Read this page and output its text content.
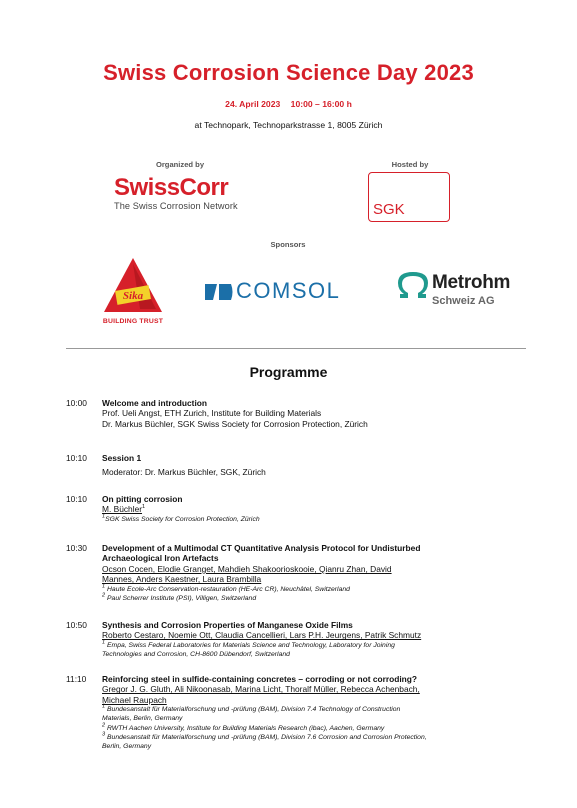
Swiss Corrosion Science Day 2023
24. April 2023 10:00 – 16:00 h
at Technopark, Technoparkstrasse 1, 8005 Zürich
Organized by	Hosted by
SwissCorr
The Swiss Corrosion Network	SGK
Sponsors
Sika
BUILDING TRUST
COMSOL	Metrohm
Schweiz AG
Programme
10:00 Welcome and introduction
Prof. Ueli Angst, ETH Zurich, Institute for Building Materials
Dr. Markus Büchler, SGK Swiss Society for Corrosion Protection, Zürich
10:10 Session 1
Moderator: Dr. Markus Büchler, SGK, Zürich
10:10 On pitting corrosion
M. Büchler$^1$
$^1$SGK Swiss Society for Corrosion Protection, Zürich
10:30 Development of a Multimodal CT Quantitative Analysis Protocol for Undisturbed
Archaeological Iron Artefacts
Ocson Cocen, Elodie Granget, Mahdieh Shakoorioskooie, Qianru Zhan, David
Mannes, Anders Kaestner, Laura Brambilla
$^1$ Haute Ecole-Arc Conservation-restauration (HE-Arc CR), Neuchâtel, Switzerland
$^2$ Paul Scherrer Institute (PSI), Villigen, Switzerland
10:50 Synthesis and Corrosion Properties of Manganese Oxide Films
Roberto Cestaro, Noemie Ott, Claudia Cancellieri, Lars P.H. Jeurgens, Patrik Schmutz
$^1$ Empa, Swiss Federal Laboratories for Materials Science and Technology, Laboratory for Joining
Technologies and Corrosion, CH-8600 Dübendorf, Switzerland
11:10 Reinforcing steel in sulfide-containing concretes – corroding or not corroding?
Gregor J. G. Gluth, Ali Nikoonasab, Marina Licht, Thoralf Müller, Rebecca Achenbach,
Michael Raupach
$^1$ Bundesanstalt für Materialforschung und -prüfung (BAM), Division 7.4 Technology of Construction
Materials, Berlin, Germany
$^2$ RWTH Aachen University, Institute for Building Materials Research (ibac), Aachen, Germany
$^3$ Bundesanstalt für Materialforschung und -prüfung (BAM), Division 7.6 Corrosion and Corrosion Protection,
Berlin, Germany
